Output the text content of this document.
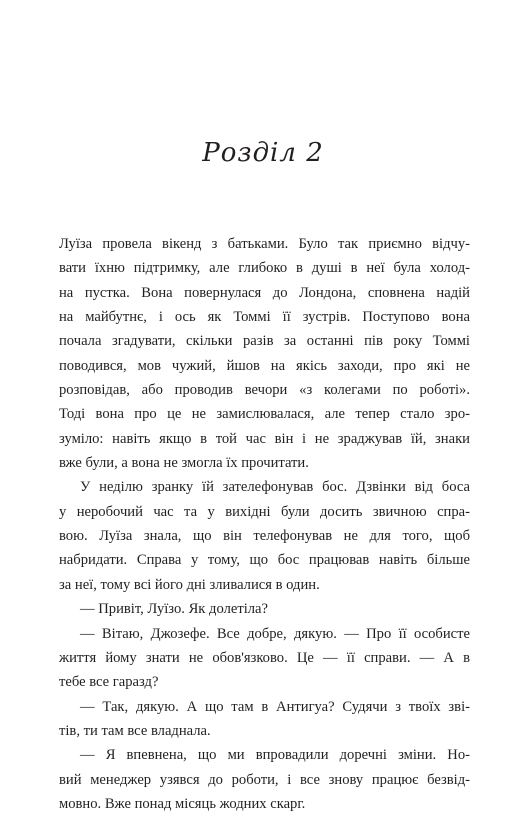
Розділ 2
Луїза провела вікенд з батьками. Було так приємно відчу-
вати їхню підтримку, але глибоко в душі в неї була холод-
на пустка. Вона повернулася до Лондона, сповнена надій
на майбутнє, і ось як Томмі її зустрів. Поступово вона
почала згадувати, скільки разів за останні пів року Томмі
поводився, мов чужий, йшов на якісь заходи, про які не
розповідав, або проводив вечори «з колегами по роботі».
Тоді вона про це не замислювалася, але тепер стало зро-
зуміло: навіть якщо в той час він і не зраджував їй, знаки
вже були, а вона не змогла їх прочитати.
У неділю зранку їй зателефонував бос. Дзвінки від боса
у неробочий час та у вихідні були досить звичною спра-
вою. Луїза знала, що він телефонував не для того, щоб
набридати. Справа у тому, що бос працював навіть більше
за неї, тому всі його дні зливалися в один.
— Привіт, Луїзо. Як долетіла?
— Вітаю, Джозефе. Все добре, дякую. — Про її особисте
життя йому знати не обов'язково. Це — її справи. — А в
тебе все гаразд?
— Так, дякую. А що там в Антигуа? Судячи з твоїх зві-
тів, ти там все владнала.
— Я впевнена, що ми впровадили доречні зміни. Но-
вий менеджер узявся до роботи, і все знову працює безвід-
мовно. Вже понад місяць жодних скарг.
